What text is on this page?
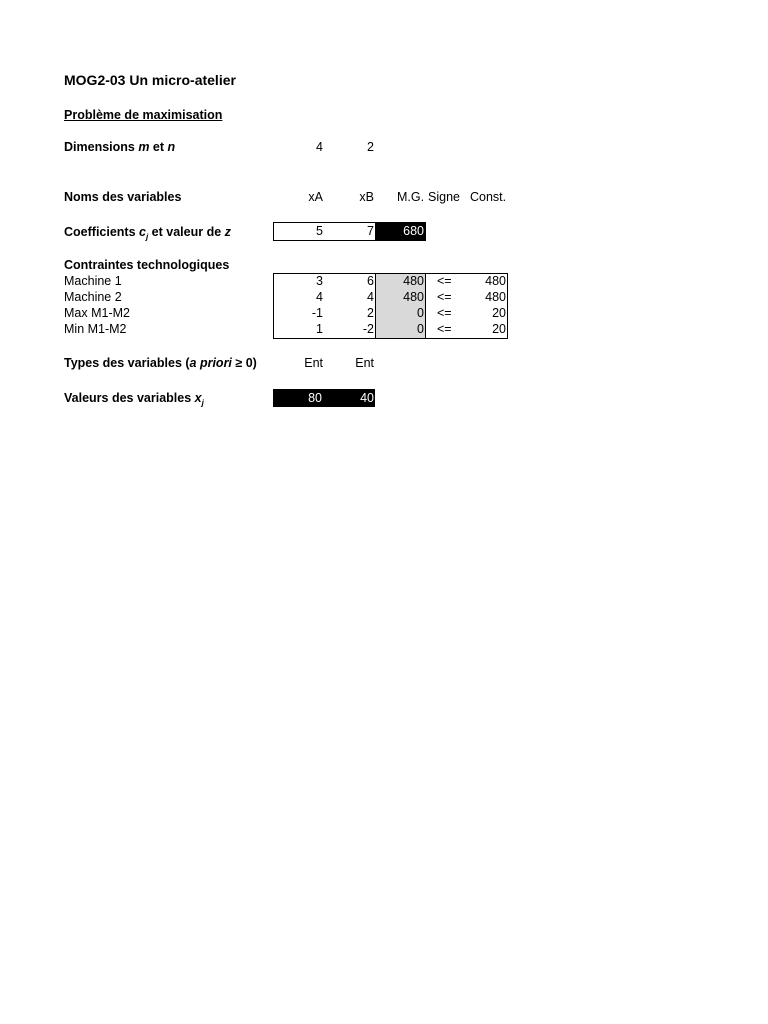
MOG2-03 Un micro-atelier
Problème de maximisation
Dimensions m et n	4	2
Noms des variables	xA	xB M.G. Signe Const.
Coefficients $c_j$ et valeur de z	5	7	680
Contraintes technologiques
Machine 1	3	6	480 <=	480
Machine 2	4	4	480 <=	480
Max M1-M2	-1	2	0 <=	20
Min M1-M2	1	-2	0 <=	20
Types des variables (a priori ≥ 0)	Ent	Ent
Valeurs des variables $x_j$	80	40
